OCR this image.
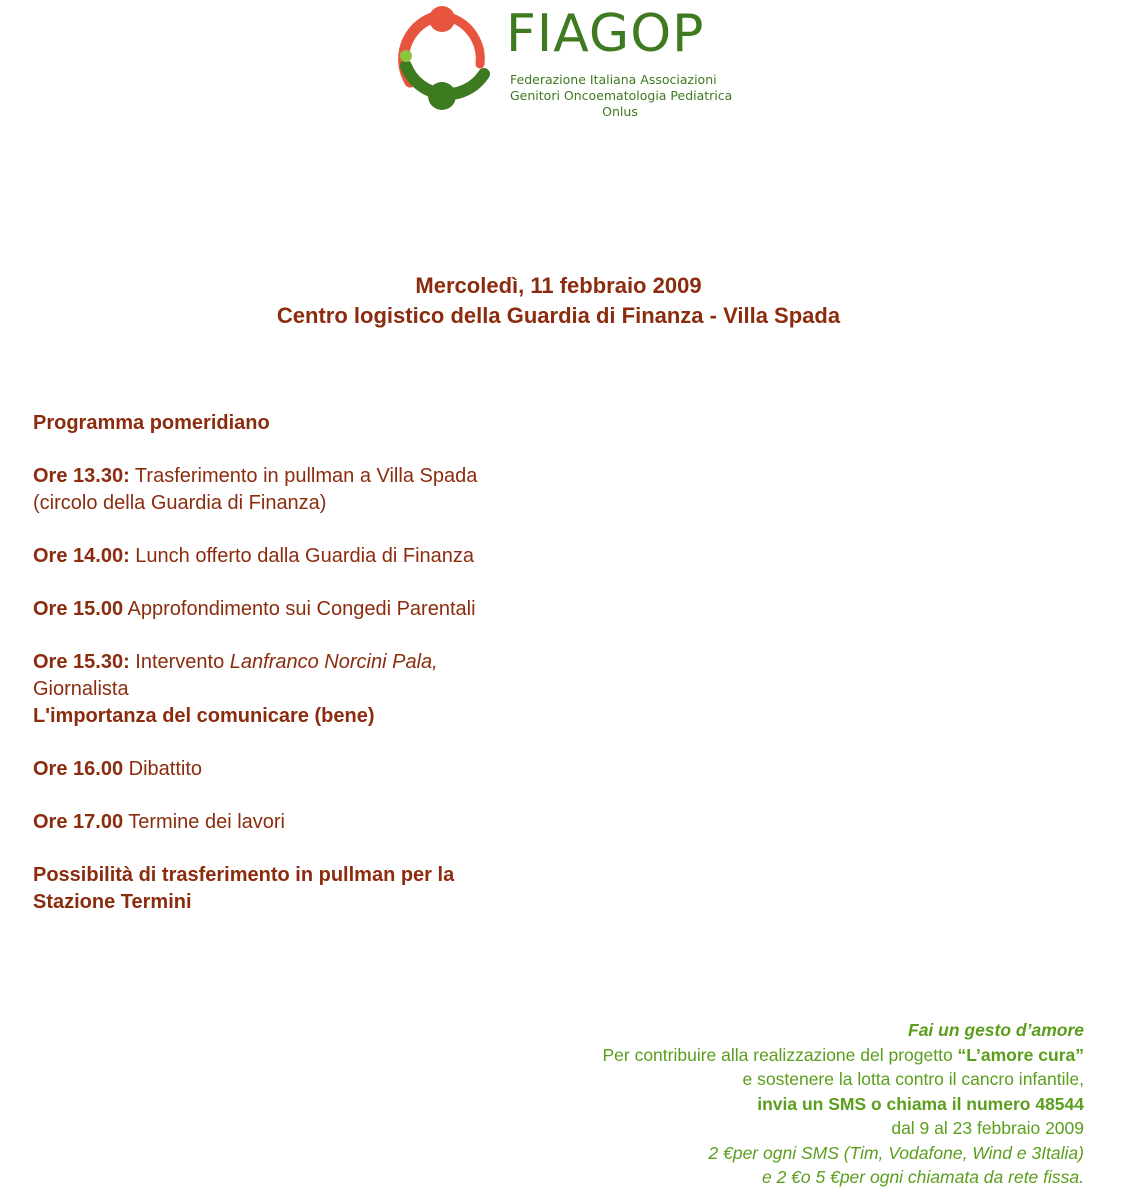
FIAGOP
Federazione Italiana Associazioni
Genitori Oncoematologia Pediatrica
Onlus
Mercoledì, 11 febbraio 2009
Centro logistico della Guardia di Finanza - Villa Spada

Programma pomeridiano

Ore 13.30: Trasferimento in pullman a Villa Spada (circolo della Guardia di Finanza)
Ore 14.00: Lunch offerto dalla Guardia di Finanza
Ore 15.00 Approfondimento sui Congedi Parentali
Ore 15.30: Intervento Lanfranco Norcini Pala,
Giornalista
L'importanza del comunicare (bene)
Ore 16.00 Dibattito
Ore 17.00 Termine dei lavori
Possibilità di trasferimento in pullman per la Stazione Termini
Fai un gesto d’amore
Per contribuire alla realizzazione del progetto “L’amore cura”
e sostenere la lotta contro il cancro infantile,
invia un SMS o chiama il numero 48544
dal 9 al 23 febbraio 2009
2 €per ogni SMS (Tim, Vodafone, Wind e 3Italia)
e 2 €o 5 €per ogni chiamata da rete fissa.
